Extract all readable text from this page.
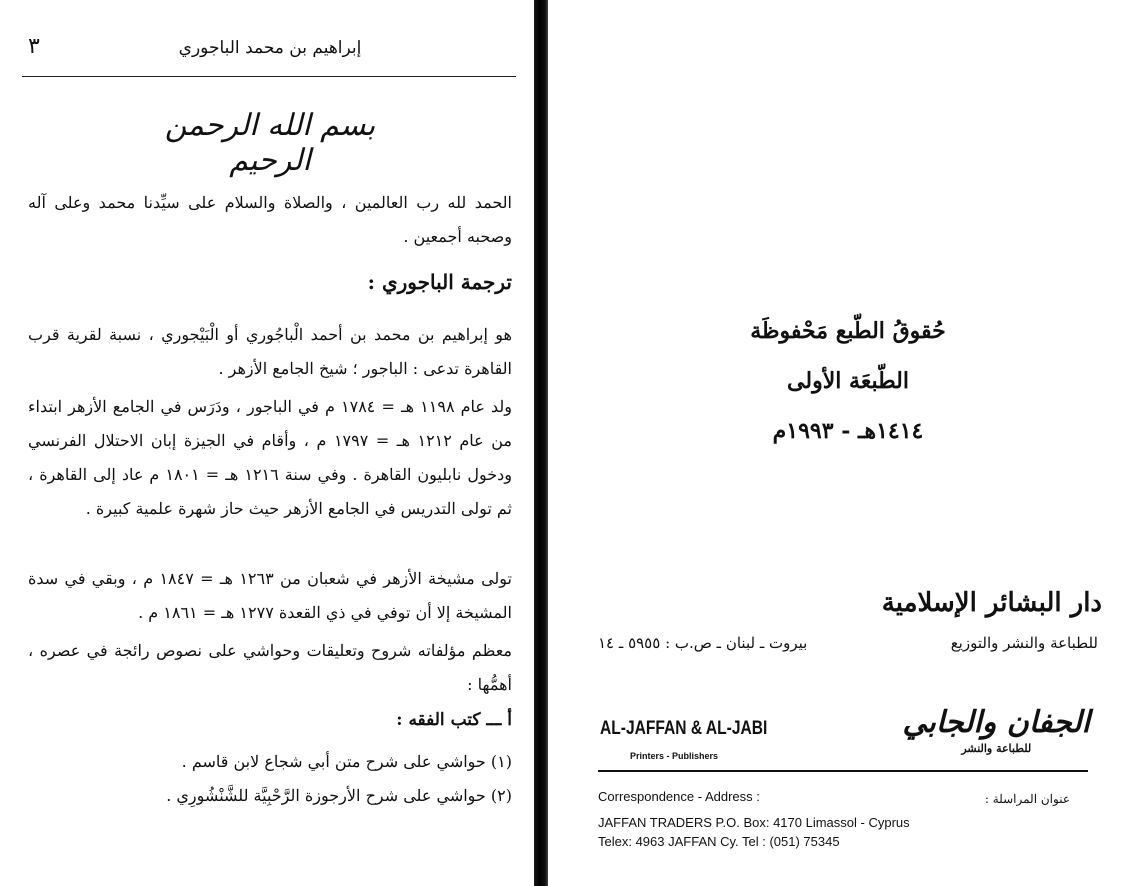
٣	إبراهيم بن محمد الباجوري
بسم الله الرحمن الرحيم
الحمد لله رب العالمين ، والصلاة والسلام على سيِّدنا محمد وعلى آله وصحبه أجمعين .
ترجمة الباجوري :
هو إبراهيم بن محمد بن أحمد الْباجُوري أو الْبَيْجوري ، نسبة لقرية قرب القاهرة تدعى : الباجور ؛ شيخ الجامع الأزهر .
ولد عام ١١٩٨ هـ = ١٧٨٤ م في الباجور ، ودَرَس في الجامع الأزهر ابتداء من عام ١٢١٢ هـ = ١٧٩٧ م ، وأقام في الجيزة إبان الاحتلال الفرنسي ودخول نابليون القاهرة . وفي سنة ١٢١٦ هـ = ١٨٠١ م عاد إلى القاهرة ، ثم تولى التدريس في الجامع الأزهر حيث حاز شهرة علمية كبيرة .
تولى مشيخة الأزهر في شعبان من ١٢٦٣ هـ = ١٨٤٧ م ، وبقي في سدة المشيخة إلا أن توفي في ذي القعدة ١٢٧٧ هـ = ١٨٦١ م .
معظم مؤلفاته شروح وتعليقات وحواشي على نصوص رائجة في عصره ، أهمُّها :
أ ـــ كتب الفقه :
(١) حواشي على شرح متن أبي شجاع لابن قاسم .
(٢) حواشي على شرح الأرجوزة الرَّحْبِيَّة للشَّنْشُورِي .
حُقوقُ الطّبع مَحْفوظَة
الطّبعَة الأولى
١٤١٤هـ - ١٩٩٣م
دار البشائر الإسلامية
للطباعة والنشر والتوزيع
بيروت ـ لبنان ـ ص.ب : ٥٩٥٥ ـ ١٤
AL-JAFFAN & AL-JABI
Printers - Publishers
الجفان والجابي
للطباعة والنشر
Correspondence - Address :	عنوان المراسلة :
JAFFAN TRADERS P.O. Box: 4170 Limassol - Cyprus
Telex: 4963 JAFFAN Cy. Tel : (051) 75345
